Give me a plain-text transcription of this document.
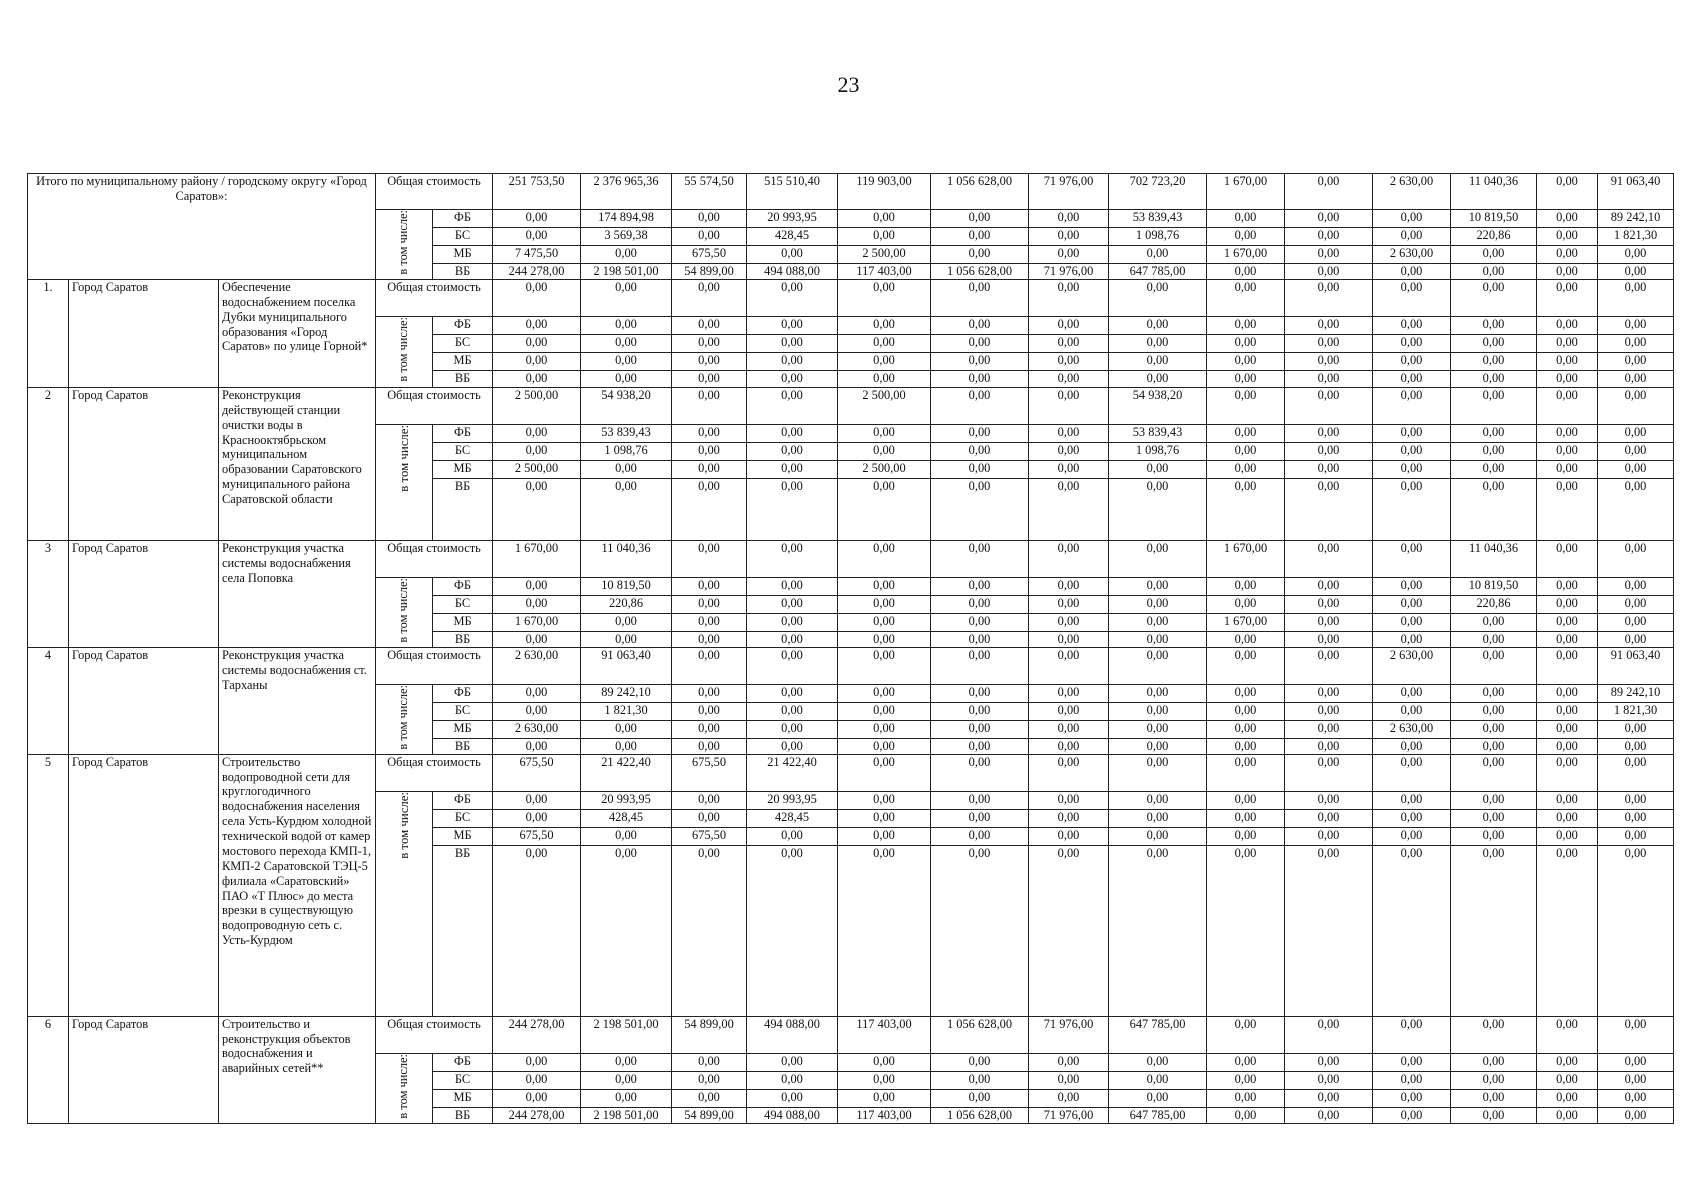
23
Итого по муниципальному району / городскому округу «Город Саратов»:			Общая стоимость		251 753,50	2 376 965,36	55 574,50	515 510,40	119 903,00	1 056 628,00	71 976,00	702 723,20	1 670,00	0,00	2 630,00	11 040,36	0,00	91 063,40
			в том числе:	ФБ	0,00	174 894,98	0,00	20 993,95	0,00	0,00	0,00	53 839,43	0,00	0,00	0,00	10 819,50	0,00	89 242,10
				БС	0,00	3 569,38	0,00	428,45	0,00	0,00	0,00	1 098,76	0,00	0,00	0,00	220,86	0,00	1 821,30
				МБ	7 475,50	0,00	675,50	0,00	2 500,00	0,00	0,00	0,00	1 670,00	0,00	2 630,00	0,00	0,00	0,00
				ВБ	244 278,00	2 198 501,00	54 899,00	494 088,00	117 403,00	1 056 628,00	71 976,00	647 785,00	0,00	0,00	0,00	0,00	0,00	0,00
1.	Город Саратов	Обеспечение водоснабжением поселка Дубки муниципального образования «Город Саратов» по улице Горной*	Общая стоимость		0,00	0,00	0,00	0,00	0,00	0,00	0,00	0,00	0,00	0,00	0,00	0,00	0,00	0,00
			в том числе:	ФБ	0,00	0,00	0,00	0,00	0,00	0,00	0,00	0,00	0,00	0,00	0,00	0,00	0,00	0,00
				БС	0,00	0,00	0,00	0,00	0,00	0,00	0,00	0,00	0,00	0,00	0,00	0,00	0,00	0,00
				МБ	0,00	0,00	0,00	0,00	0,00	0,00	0,00	0,00	0,00	0,00	0,00	0,00	0,00	0,00
				ВБ	0,00	0,00	0,00	0,00	0,00	0,00	0,00	0,00	0,00	0,00	0,00	0,00	0,00	0,00
2	Город Саратов	Реконструкция действующей станции очистки воды в Краснооктябрьском муниципальном образовании Саратовского муниципального района Саратовской области	Общая стоимость		2 500,00	54 938,20	0,00	0,00	2 500,00	0,00	0,00	54 938,20	0,00	0,00	0,00	0,00	0,00	0,00
			в том числе:	ФБ	0,00	53 839,43	0,00	0,00	0,00	0,00	0,00	53 839,43	0,00	0,00	0,00	0,00	0,00	0,00
				БС	0,00	1 098,76	0,00	0,00	0,00	0,00	0,00	1 098,76	0,00	0,00	0,00	0,00	0,00	0,00
				МБ	2 500,00	0,00	0,00	0,00	2 500,00	0,00	0,00	0,00	0,00	0,00	0,00	0,00	0,00	0,00
				ВБ	0,00	0,00	0,00	0,00	0,00	0,00	0,00	0,00	0,00	0,00	0,00	0,00	0,00	0,00
3	Город Саратов	Реконструкция участка системы водоснабжения села Поповка	Общая стоимость		1 670,00	11 040,36	0,00	0,00	0,00	0,00	0,00	0,00	1 670,00	0,00	0,00	11 040,36	0,00	0,00
			в том числе:	ФБ	0,00	10 819,50	0,00	0,00	0,00	0,00	0,00	0,00	0,00	0,00	0,00	10 819,50	0,00	0,00
				БС	0,00	220,86	0,00	0,00	0,00	0,00	0,00	0,00	0,00	0,00	0,00	220,86	0,00	0,00
				МБ	1 670,00	0,00	0,00	0,00	0,00	0,00	0,00	0,00	1 670,00	0,00	0,00	0,00	0,00	0,00
				ВБ	0,00	0,00	0,00	0,00	0,00	0,00	0,00	0,00	0,00	0,00	0,00	0,00	0,00	0,00
4	Город Саратов	Реконструкция участка системы водоснабжения ст. Тарханы	Общая стоимость		2 630,00	91 063,40	0,00	0,00	0,00	0,00	0,00	0,00	0,00	0,00	2 630,00	0,00	0,00	91 063,40
			в том числе:	ФБ	0,00	89 242,10	0,00	0,00	0,00	0,00	0,00	0,00	0,00	0,00	0,00	0,00	0,00	89 242,10
				БС	0,00	1 821,30	0,00	0,00	0,00	0,00	0,00	0,00	0,00	0,00	0,00	0,00	0,00	1 821,30
				МБ	2 630,00	0,00	0,00	0,00	0,00	0,00	0,00	0,00	0,00	0,00	2 630,00	0,00	0,00	0,00
				ВБ	0,00	0,00	0,00	0,00	0,00	0,00	0,00	0,00	0,00	0,00	0,00	0,00	0,00	0,00
5	Город Саратов	Строительство водопроводной сети для круглогодичного водоснабжения населения села Усть-Курдюм холодной технической водой от камер мостового перехода КМП-1, КМП-2 Саратовской ТЭЦ-5 филиала «Саратовский» ПАО «Т Плюс» до места врезки в существующую водопроводную сеть с. Усть-Курдюм	Общая стоимость		675,50	21 422,40	675,50	21 422,40	0,00	0,00	0,00	0,00	0,00	0,00	0,00	0,00	0,00	0,00
			в том числе:	ФБ	0,00	20 993,95	0,00	20 993,95	0,00	0,00	0,00	0,00	0,00	0,00	0,00	0,00	0,00	0,00
				БС	0,00	428,45	0,00	428,45	0,00	0,00	0,00	0,00	0,00	0,00	0,00	0,00	0,00	0,00
				МБ	675,50	0,00	675,50	0,00	0,00	0,00	0,00	0,00	0,00	0,00	0,00	0,00	0,00	0,00
				ВБ	0,00	0,00	0,00	0,00	0,00	0,00	0,00	0,00	0,00	0,00	0,00	0,00	0,00	0,00
6	Город Саратов	Строительство и реконструкция объектов водоснабжения и аварийных сетей**	Общая стоимость		244 278,00	2 198 501,00	54 899,00	494 088,00	117 403,00	1 056 628,00	71 976,00	647 785,00	0,00	0,00	0,00	0,00	0,00	0,00
			в том числе:	ФБ	0,00	0,00	0,00	0,00	0,00	0,00	0,00	0,00	0,00	0,00	0,00	0,00	0,00	0,00
				БС	0,00	0,00	0,00	0,00	0,00	0,00	0,00	0,00	0,00	0,00	0,00	0,00	0,00	0,00
				МБ	0,00	0,00	0,00	0,00	0,00	0,00	0,00	0,00	0,00	0,00	0,00	0,00	0,00	0,00
				ВБ	244 278,00	2 198 501,00	54 899,00	494 088,00	117 403,00	1 056 628,00	71 976,00	647 785,00	0,00	0,00	0,00	0,00	0,00	0,00
